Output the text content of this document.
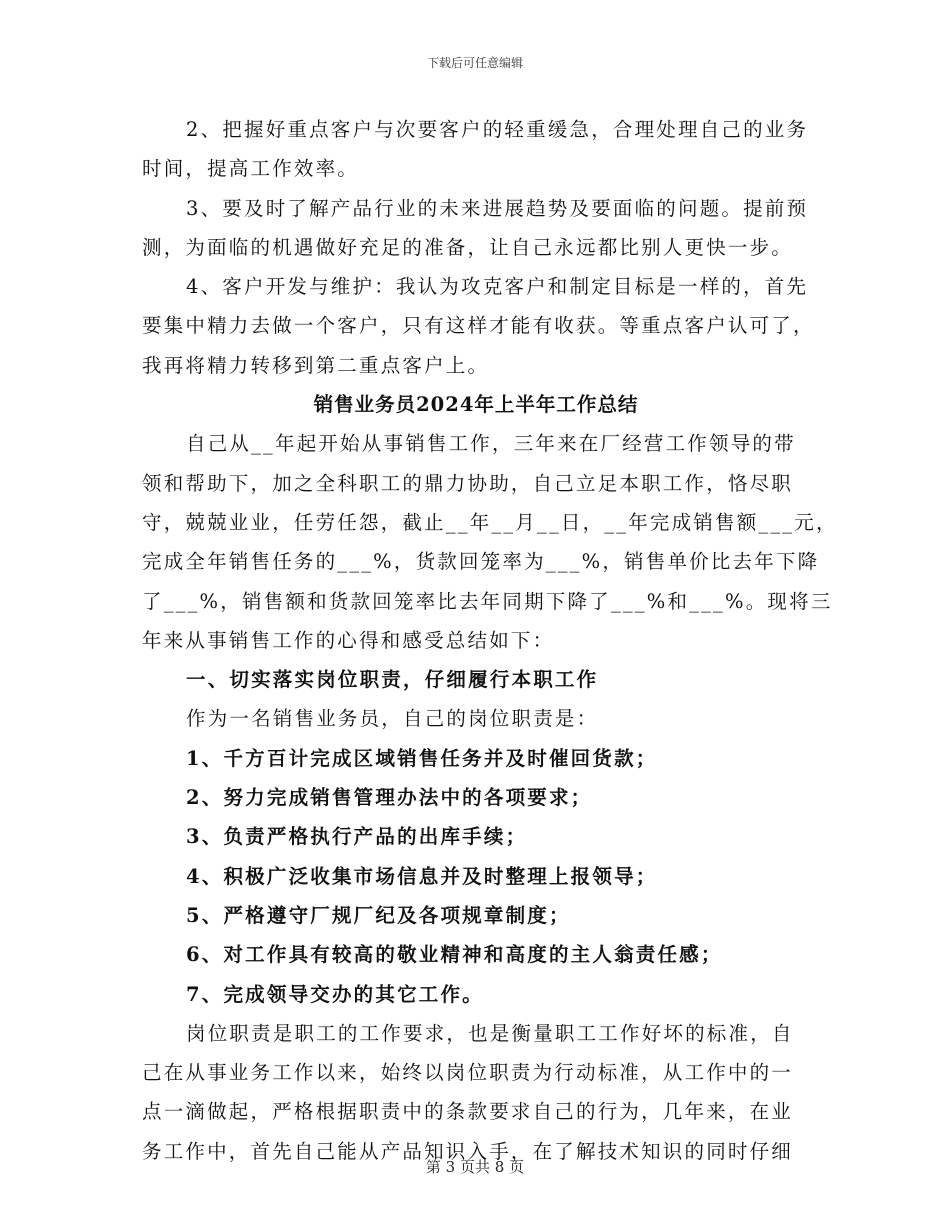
下载后可任意编辑
2、把握好重点客户与次要客户的轻重缓急，合理处理自己的业务
时间，提高工作效率。
3、要及时了解产品行业的未来进展趋势及要面临的问题。提前预
测，为面临的机遇做好充足的准备，让自己永远都比别人更快一步。
4、客户开发与维护：我认为攻克客户和制定目标是一样的，首先
要集中精力去做一个客户，只有这样才能有收获。等重点客户认可了，
我再将精力转移到第二重点客户上。
销售业务员2024年上半年工作总结
自己从__年起开始从事销售工作，三年来在厂经营工作领导的带
领和帮助下，加之全科职工的鼎力协助，自己立足本职工作，恪尽职
守，兢兢业业，任劳任怨，截止__年__月__日，__年完成销售额___元，
完成全年销售任务的___%，货款回笼率为___%，销售单价比去年下降
了___%，销售额和货款回笼率比去年同期下降了___%和___%。现将三
年来从事销售工作的心得和感受总结如下：
一、切实落实岗位职责，仔细履行本职工作
作为一名销售业务员，自己的岗位职责是：
1、千方百计完成区域销售任务并及时催回货款；
2、努力完成销售管理办法中的各项要求；
3、负责严格执行产品的出库手续；
4、积极广泛收集市场信息并及时整理上报领导；
5、严格遵守厂规厂纪及各项规章制度；
6、对工作具有较高的敬业精神和高度的主人翁责任感；
7、完成领导交办的其它工作。
岗位职责是职工的工作要求，也是衡量职工工作好坏的标准，自
己在从事业务工作以来，始终以岗位职责为行动标准，从工作中的一
点一滴做起，严格根据职责中的条款要求自己的行为，几年来，在业
务工作中，首先自己能从产品知识入手，在了解技术知识的同时仔细
第 3 页共 8 页
